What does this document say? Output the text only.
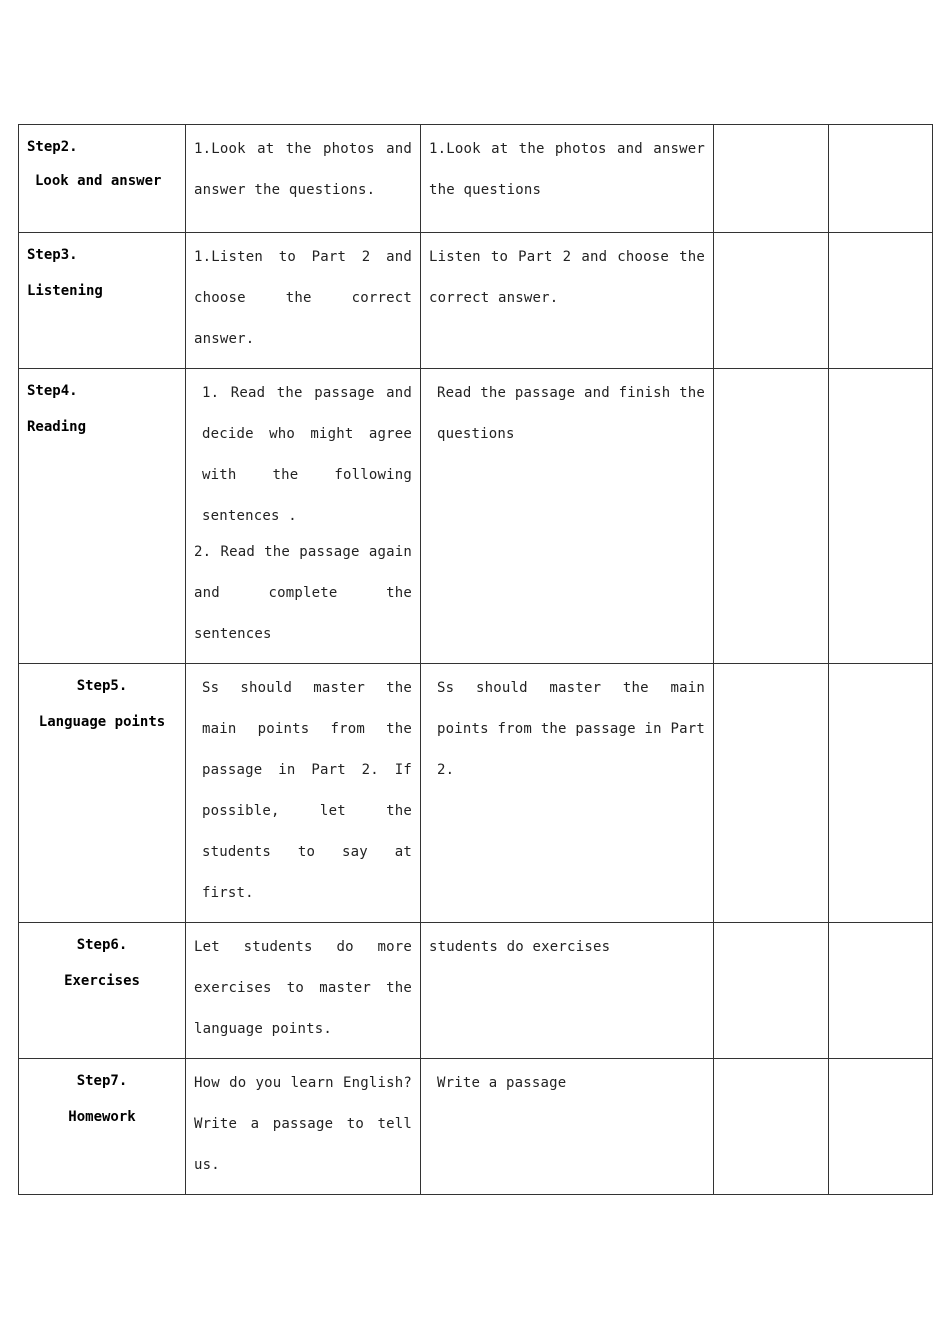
Step2.
Look and answer	1.Look at the photos and answer the questions.	1.Look at the photos and answer the questions		

Step3.
Listening	1.Listen to Part 2 and choose the correct answer.	Listen to Part 2 and choose the correct answer.		

Step4.
Reading	1. Read the passage and decide who might agree with the following sentences .
2. Read the passage again and complete the sentences	Read the passage and finish the questions		

Step5.
Language points	Ss should master the main points from the passage in Part 2. If possible, let the students to say at first.	Ss should master the main points from the passage in Part 2.		

Step6.
Exercises	Let students do more exercises to master the language points.	students do exercises		

Step7.
Homework	How do you learn English? Write a passage to tell us.	Write a passage		
